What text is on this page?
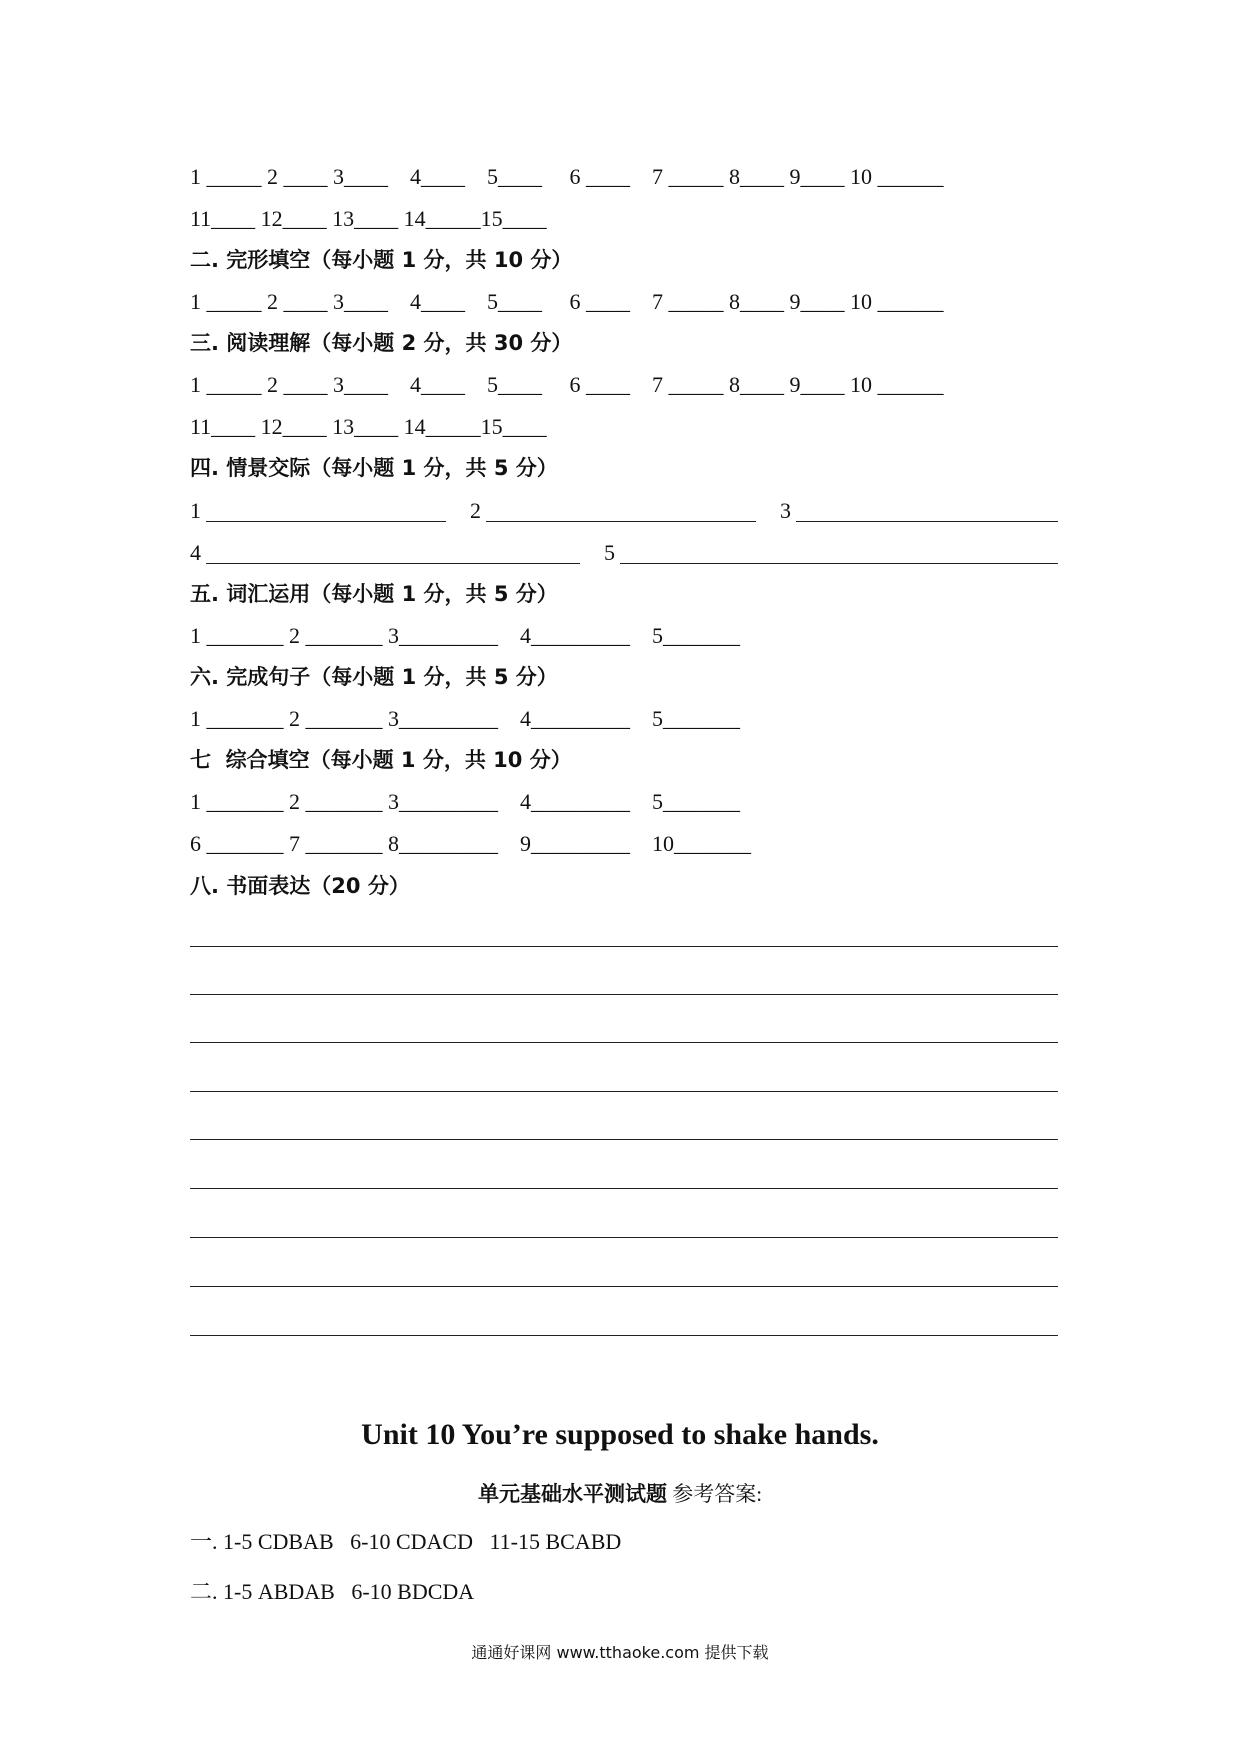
1 _____ 2 ____ 3____    4____    5____     6 ____    7 _____ 8____ 9____ 10 ______
11____ 12____ 13____ 14_____15____
二. 完形填空（每小题 1 分，共 10 分）
1 _____ 2 ____ 3____    4____    5____     6 ____    7 _____ 8____ 9____ 10 ______
三. 阅读理解（每小题 2 分，共 30 分）
1 _____ 2 ____ 3____    4____    5____     6 ____    7 _____ 8____ 9____ 10 ______
11____ 12____ 13____ 14_____15____
四. 情景交际（每小题 1 分，共 5 分）
1	2	3
4	5
五. 词汇运用（每小题 1 分，共 5 分）
1 _______ 2 _______ 3_________    4_________    5_______
六. 完成句子（每小题 1 分，共 5 分）
1 _______ 2 _______ 3_________    4_________    5_______
七  综合填空（每小题 1 分，共 10 分）
1 _______ 2 _______ 3_________    4_________    5_______
6 _______ 7 _______ 8_________    9_________    10_______
八. 书面表达（20 分）
Unit 10 You’re supposed to shake hands.
单元基础水平测试题 参考答案:
一. 1-5 CDBAB   6-10 CDACD   11-15 BCABD
二. 1-5 ABDAB   6-10 BDCDA
通通好课网 www.tthaoke.com 提供下载
